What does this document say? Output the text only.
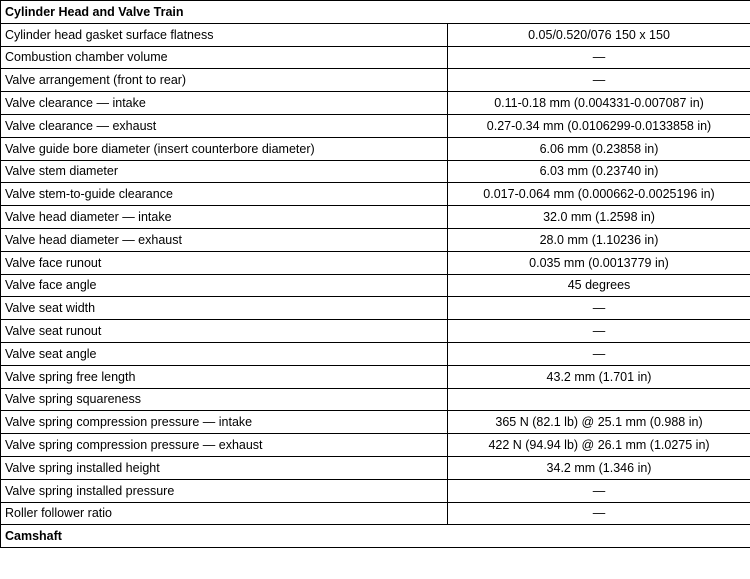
Cylinder Head and Valve Train	
Cylinder head gasket surface flatness	0.05/0.520/076 150 x 150
Combustion chamber volume	—
Valve arrangement (front to rear)	—
Valve clearance — intake	0.11-0.18 mm (0.004331-0.007087 in)
Valve clearance — exhaust	0.27-0.34 mm (0.0106299-0.0133858 in)
Valve guide bore diameter (insert counterbore diameter)	6.06 mm (0.23858 in)
Valve stem diameter	6.03 mm (0.23740 in)
Valve stem-to-guide clearance	0.017-0.064 mm (0.000662-0.0025196 in)
Valve head diameter — intake	32.0 mm (1.2598 in)
Valve head diameter — exhaust	28.0 mm (1.10236 in)
Valve face runout	0.035 mm (0.0013779 in)
Valve face angle	45 degrees
Valve seat width	—
Valve seat runout	—
Valve seat angle	—
Valve spring free length	43.2 mm (1.701 in)
Valve spring squareness	
Valve spring compression pressure — intake	365 N (82.1 lb) @ 25.1 mm (0.988 in)
Valve spring compression pressure — exhaust	422 N (94.94 lb) @ 26.1 mm (1.0275 in)
Valve spring installed height	34.2 mm (1.346 in)
Valve spring installed pressure	—
Roller follower ratio	—
Camshaft	
